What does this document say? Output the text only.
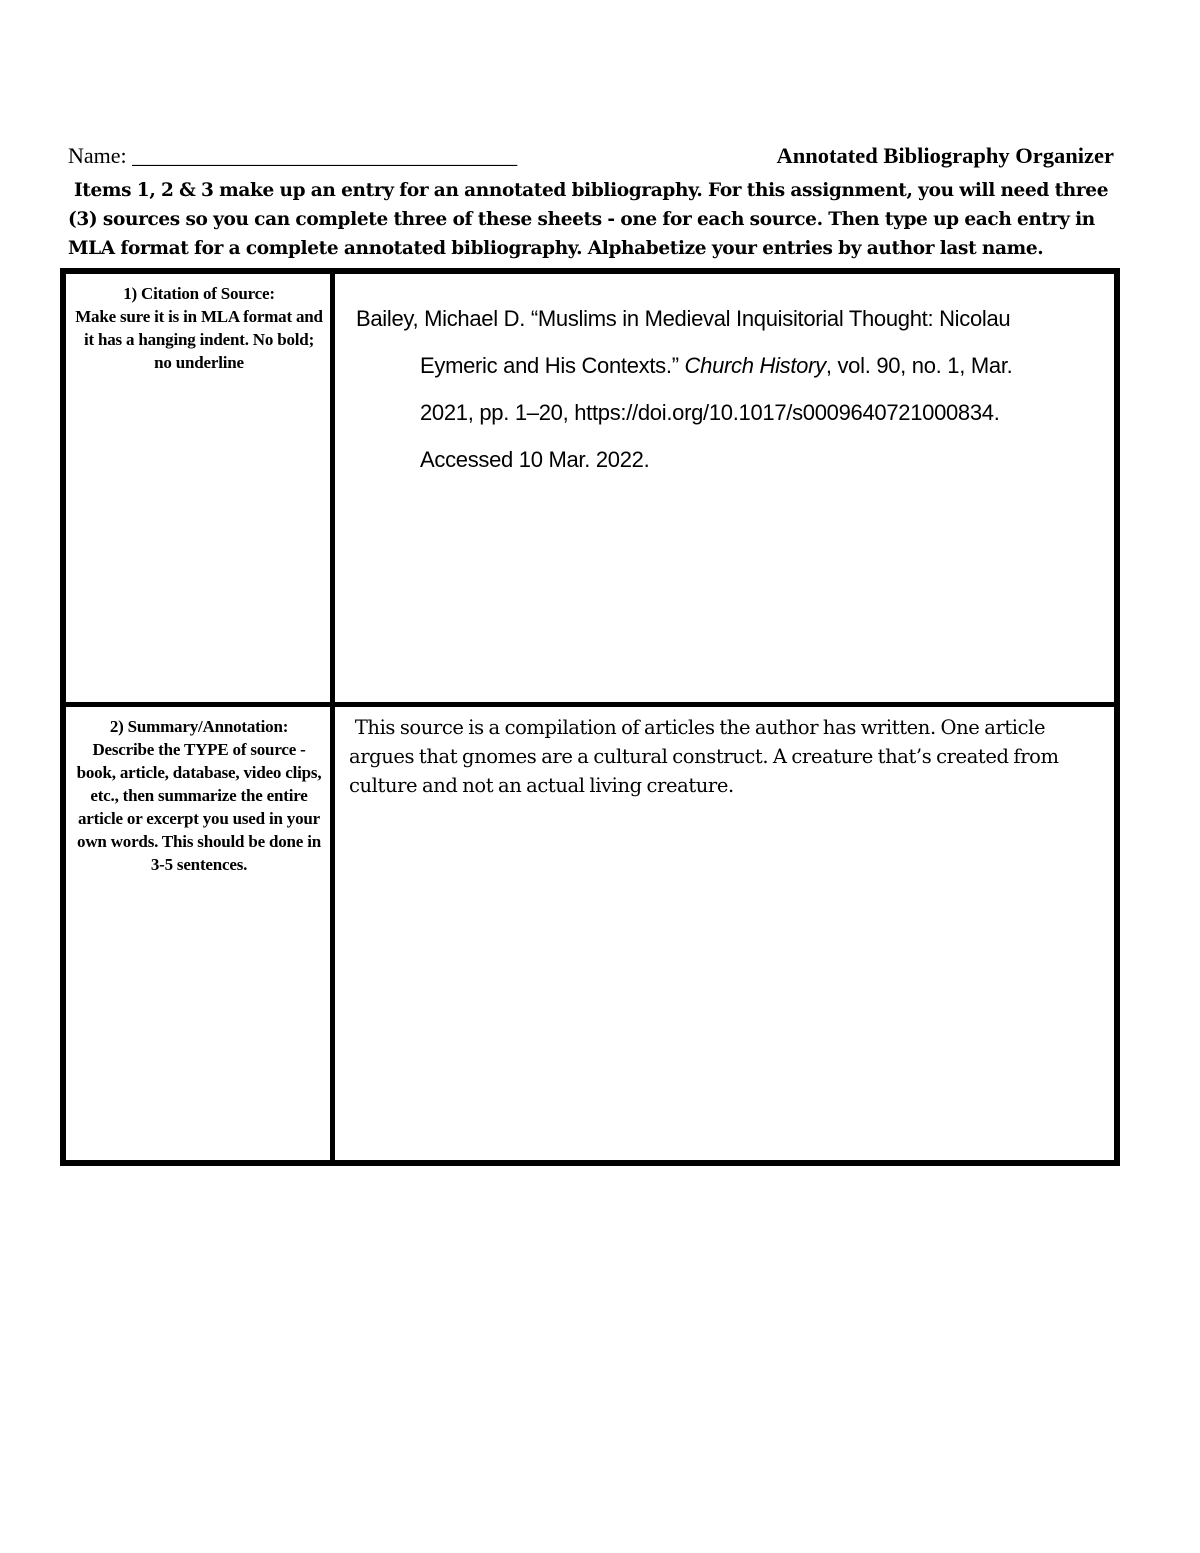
Name: ___________________________________	Annotated Bibliography Organizer
Items 1, 2 & 3 make up an entry for an annotated bibliography. For this assignment, you will need three
(3) sources so you can complete three of these sheets - one for each source. Then type up each entry in
MLA format for a complete annotated bibliography. Alphabetize your entries by author last name.
1) Citation of Source:
Make sure it is in MLA format and it has a hanging indent. No bold; no underline
Bailey, Michael D. “Muslims in Medieval Inquisitorial Thought: Nicolau
Eymeric and His Contexts.” Church History, vol. 90, no. 1, Mar.
2021, pp. 1–20, https://doi.org/10.1017/s0009640721000834.
Accessed 10 Mar. 2022.
2) Summary/Annotation:
Describe the TYPE of source - book, article, database, video clips, etc., then summarize the entire article or excerpt you used in your own words. This should be done in 3-5 sentences.
This source is a compilation of articles the author has written. One article argues that gnomes are a cultural construct. A creature that’s created from culture and not an actual living creature.
